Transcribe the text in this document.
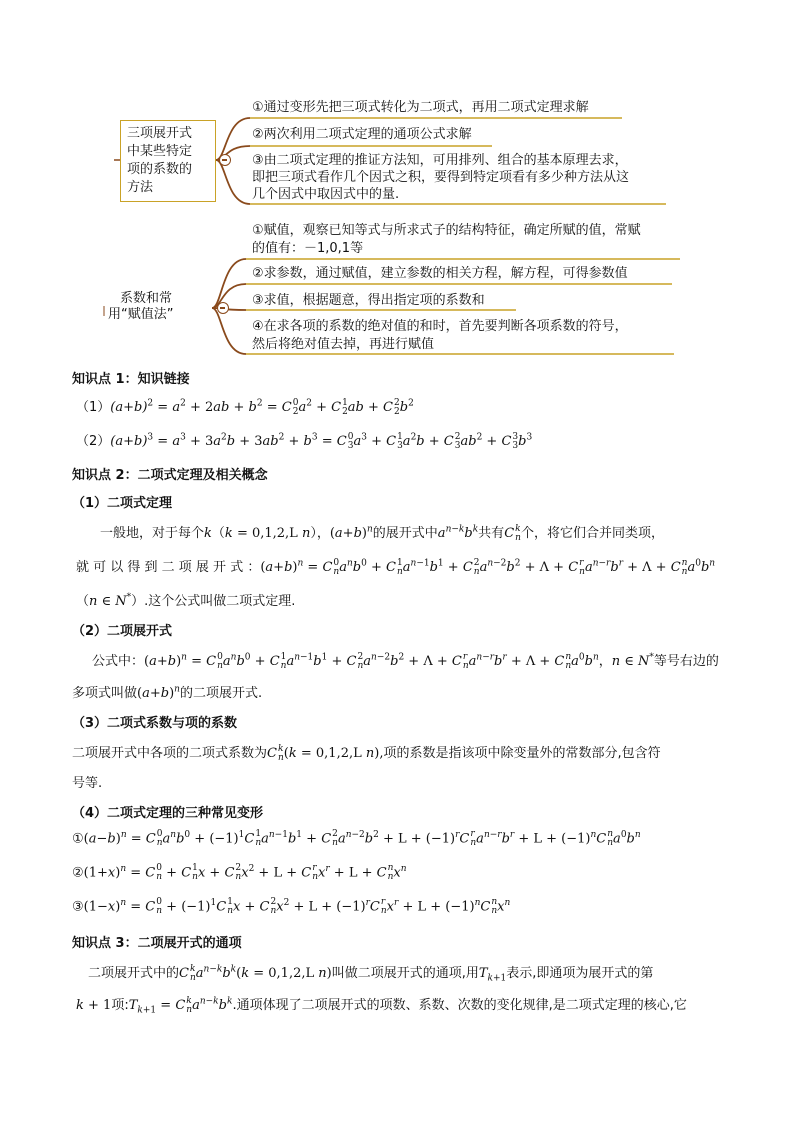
三项展开式
中某些特定
项的系数的
方法
①通过变形先把三项式转化为二项式，再用二项式定理求解
②两次利用二项式定理的通项公式求解
③由二项式定理的推证方法知，可用排列、组合的基本原理去求，
即把三项式看作几个因式之积，要得到特定项看有多少种方法从这
几个因式中取因式中的量.
系数和常
用“赋值法”
①赋值，观察已知等式与所求式子的结构特征，确定所赋的值，常赋
的值有：－1,0,1等
②求参数，通过赋值，建立参数的相关方程，解方程，可得参数值
③求值，根据题意，得出指定项的系数和
④在求各项的系数的绝对值的和时，首先要判断各项系数的符号，
然后将绝对值去掉，再进行赋值
知识点 1：知识链接
$(1)(a+b)^2 = a^2 + 2ab + b^2 = C$ 0
2 $a^2 + C$ 1
2 ab + C 2
2 $b^2$
$(2)(a+b)^3 = a^3 + 3a^2b + 3ab^2 + b^3 = C$ 0
3 $a^3 + C$ 1
3 $a^2b + C$ 2
3 $ab^2 + C$ 3
3 $b^3$
知识点 2：二项式定理及相关概念
（1）二项式定理
一般地，对于每个k（k = 0,1,2,L n），$(a+b)^n$的展开式中$a^{n-k}b^k$共有C k
n 个，将它们合并同类项，
就 可 以 得 到 二 项 展 开 式 ：$(a+b)^n = C$ 0
n $a^nb^0 + C$ 1
n $a^{n-1}b^1 + C$ 2
n $a^{n-2}b^2 + \Lambda + C$ r
n $a^{n-r}b^r + \Lambda + C$ n
n $a^0b^n$
（n ∈ N*）.这个公式叫做二项式定理.
（2）二项展开式
公式中：$(a+b)^n = C$ 0
n $a^nb^0 + C$ 1
n $a^{n-1}b^1 + C$ 2
n $a^{n-2}b^2 + \Lambda + C$ r
n $a^{n-r}b^r + \Lambda + C$ n
n $a^0b^n$，n ∈ N*等号右边的
多项式叫做$(a+b)^n$的二项展开式.
（3）二项式系数与项的系数
二项展开式中各项的二项式系数为C k
n (k = 0,1,2,L n),项的系数是指该项中除变量外的常数部分,包含符
号等.
（4）二项式定理的三种常见变形
$①(a-b)^n = C$ 0
n $a^nb^0 + (-1)^1C$ 1
n $a^{n-1}b^1 + C$ 2
n $a^{n-2}b^2 + L + (-1)^rC$ r
n $a^{n-r}b^r + L + (-1)^nC$ n
n $a^0b^n$
$②(1+x)^n = C$ 0
n + C 1
n x + C 2
n $x^2 + L + C$ r
n $x^r + L + C$ n
n $x^n$
$③(1-x)^n = C$ 0
$n + (-1)^1C$ 1
n x + C 2
n $x^2 + L + (-1)^rC$ r
n $x^r + L + (-1)^nC$ n
n $x^n$
知识点 3：二项展开式的通项
二项展开式中的C k
n $a^{n-k}b^k(k = 0,1,2,L$ n)叫做二项展开式的通项,用$T_{k+1}$表示,即通项为展开式的第
k + 1项$:T_{k+1} = C$ k
n $a^{n-k}b^k$.通项体现了二项展开式的项数、系数、次数的变化规律,是二项式定理的核心,它
